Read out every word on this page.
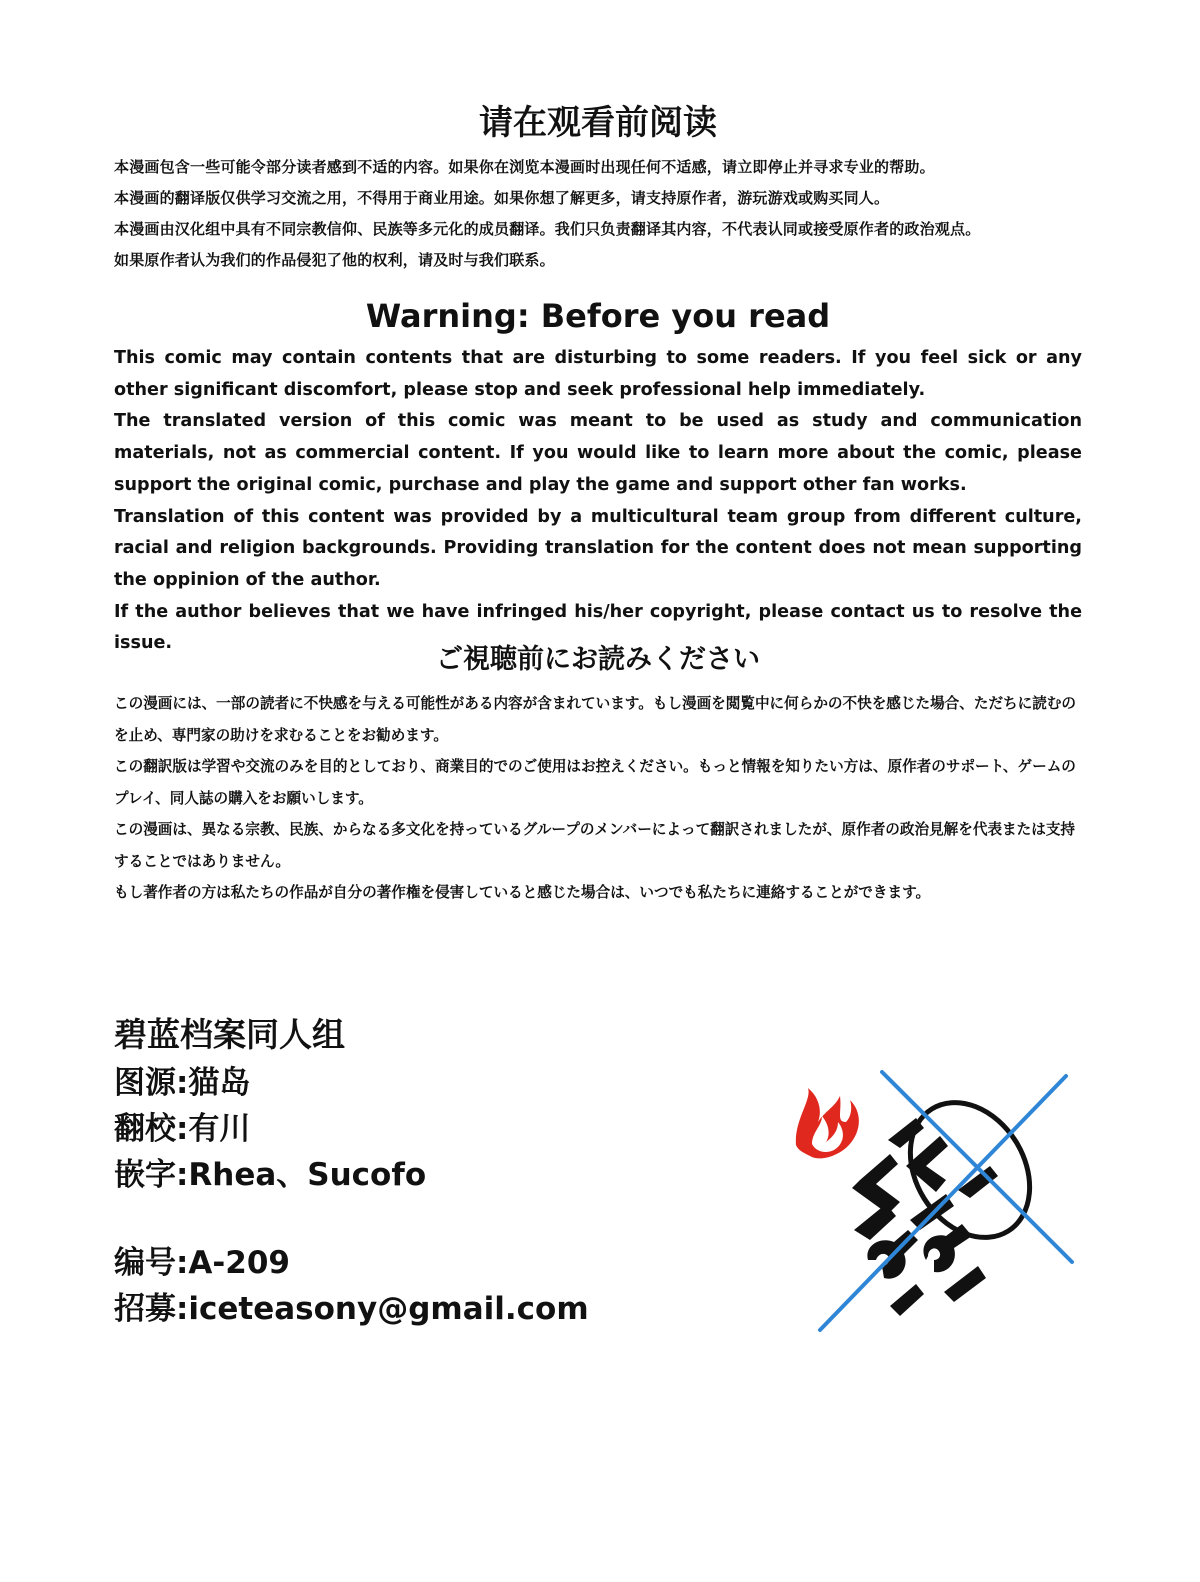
请在观看前阅读

本漫画包含一些可能令部分读者感到不适的内容。如果你在浏览本漫画时出现任何不适感，请立即停止并寻求专业的帮助。

本漫画的翻译版仅供学习交流之用，不得用于商业用途。如果你想了解更多，请支持原作者，游玩游戏或购买同人。

本漫画由汉化组中具有不同宗教信仰、民族等多元化的成员翻译。我们只负责翻译其内容，不代表认同或接受原作者的政治观点。

如果原作者认为我们的作品侵犯了他的权利，请及时与我们联系。

Warning: Before you read

This comic may contain contents that are disturbing to some readers. If you feel sick or any other significant discomfort, please stop and seek professional help immediately.

The translated version of this comic was meant to be used as study and communication materials, not as commercial content. If you would like to learn more about the comic, please support the original comic, purchase and play the game and support other fan works.

Translation of this content was provided by a multicultural team group from different culture, racial and religion backgrounds. Providing translation for the content does not mean supporting the oppinion of the author.

If the author believes that we have infringed his/her copyright, please contact us to resolve the issue.

ご視聴前にお読みください

この漫画には、一部の読者に不快感を与える可能性がある内容が含まれています。もし漫画を閲覧中に何らかの不快を感じた場合、ただちに読むのを止め、専門家の助けを求むることをお勧めます。

この翻訳版は学習や交流のみを目的としており、商業目的でのご使用はお控えください。もっと情報を知りたい方は、原作者のサポート、ゲームのプレイ、同人誌の購入をお願いします。

この漫画は、異なる宗教、民族、からなる多文化を持っているグループのメンバーによって翻訳されましたが、原作者の政治見解を代表または支持することではありません。

もし著作者の方は私たちの作品が自分の著作権を侵害していると感じた場合は、いつでも私たちに連絡することができます。

碧蓝档案同人组

图源:猫岛

翻校:有川

嵌字:Rhea、Sucofo

编号:A-209

招募:iceteasony@gmail.com
